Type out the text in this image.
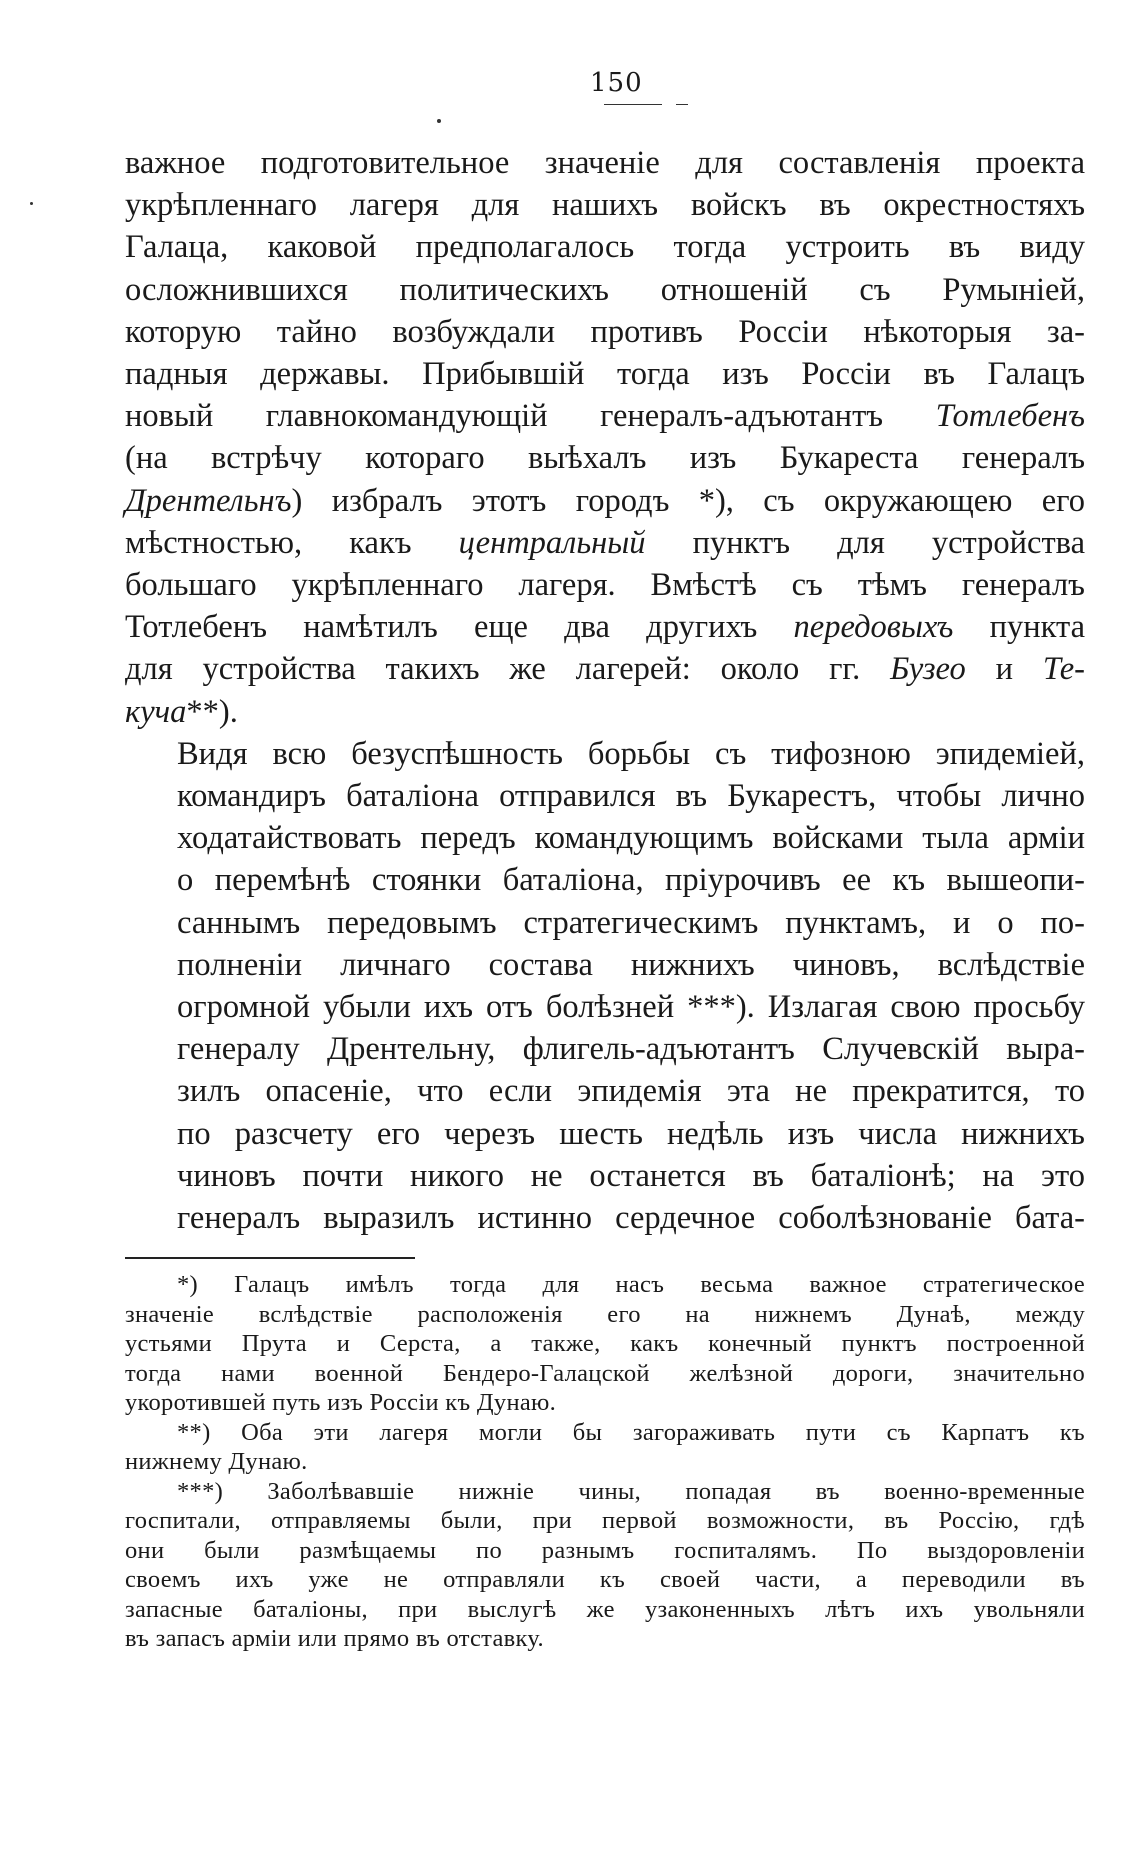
150

важное подготовительное значеніе для составленія проекта
укрѣпленнаго лагеря для нашихъ войскъ въ окрестностяхъ
Галаца, каковой предполагалось тогда устроить въ виду
осложнившихся политическихъ отношеній съ Румыніей,
которую тайно возбуждали противъ Россіи нѣкоторыя за-
падныя державы. Прибывшій тогда изъ Россіи въ Галацъ
новый главнокомандующій генералъ-адъютантъ Тотлебенъ
(на встрѣчу котораго выѣхалъ изъ Букареста генералъ
Дрентельнъ) избралъ этотъ городъ *), съ окружающею его
мѣстностью, какъ центральный пунктъ для устройства
большаго укрѣпленнаго лагеря. Вмѣстѣ съ тѣмъ генералъ
Тотлебенъ намѣтилъ еще два другихъ передовыхъ пункта
для устройства такихъ же лагерей: около гг. Бузео и Те-
куча**).

Видя всю безуспѣшность борьбы съ тифозною эпидеміей,
командиръ баталіона отправился въ Букарестъ, чтобы лично
ходатайствовать передъ командующимъ войсками тыла арміи
о перемѣнѣ стоянки баталіона, пріурочивъ ее къ вышеопи-
саннымъ передовымъ стратегическимъ пунктамъ, и о по-
полненіи личнаго состава нижнихъ чиновъ, вслѣдствіе
огромной убыли ихъ отъ болѣзней ***). Излагая свою просьбу
генералу Дрентельну, флигель-адъютантъ Случевскій выра-
зилъ опасеніе, что если эпидемія эта не прекратится, то
по разсчету его черезъ шесть недѣль изъ числа нижнихъ
чиновъ почти никого не останется въ баталіонѣ; на это
генералъ выразилъ истинно сердечное соболѣзнованіе бата-

*) Галацъ имѣлъ тогда для насъ весьма важное стратегическое
значеніе вслѣдствіе расположенія его на нижнемъ Дунаѣ, между
устьями Прута и Серста, а также, какъ конечный пунктъ построенной
тогда нами военной Бендеро-Галацской желѣзной дороги, значительно
укоротившей путь изъ Россіи къ Дунаю.
**) Оба эти лагеря могли бы загораживать пути съ Карпатъ къ
нижнему Дунаю.
***) Заболѣвавшіе нижніе чины, попадая въ военно-временные
госпитали, отправляемы были, при первой возможности, въ Россію, гдѣ
они были размѣщаемы по разнымъ госпиталямъ. По выздоровленіи
своемъ ихъ уже не отправляли къ своей части, а переводили въ
запасные баталіоны, при выслугѣ же узаконенныхъ лѣтъ ихъ увольняли
въ запасъ арміи или прямо въ отставку.
